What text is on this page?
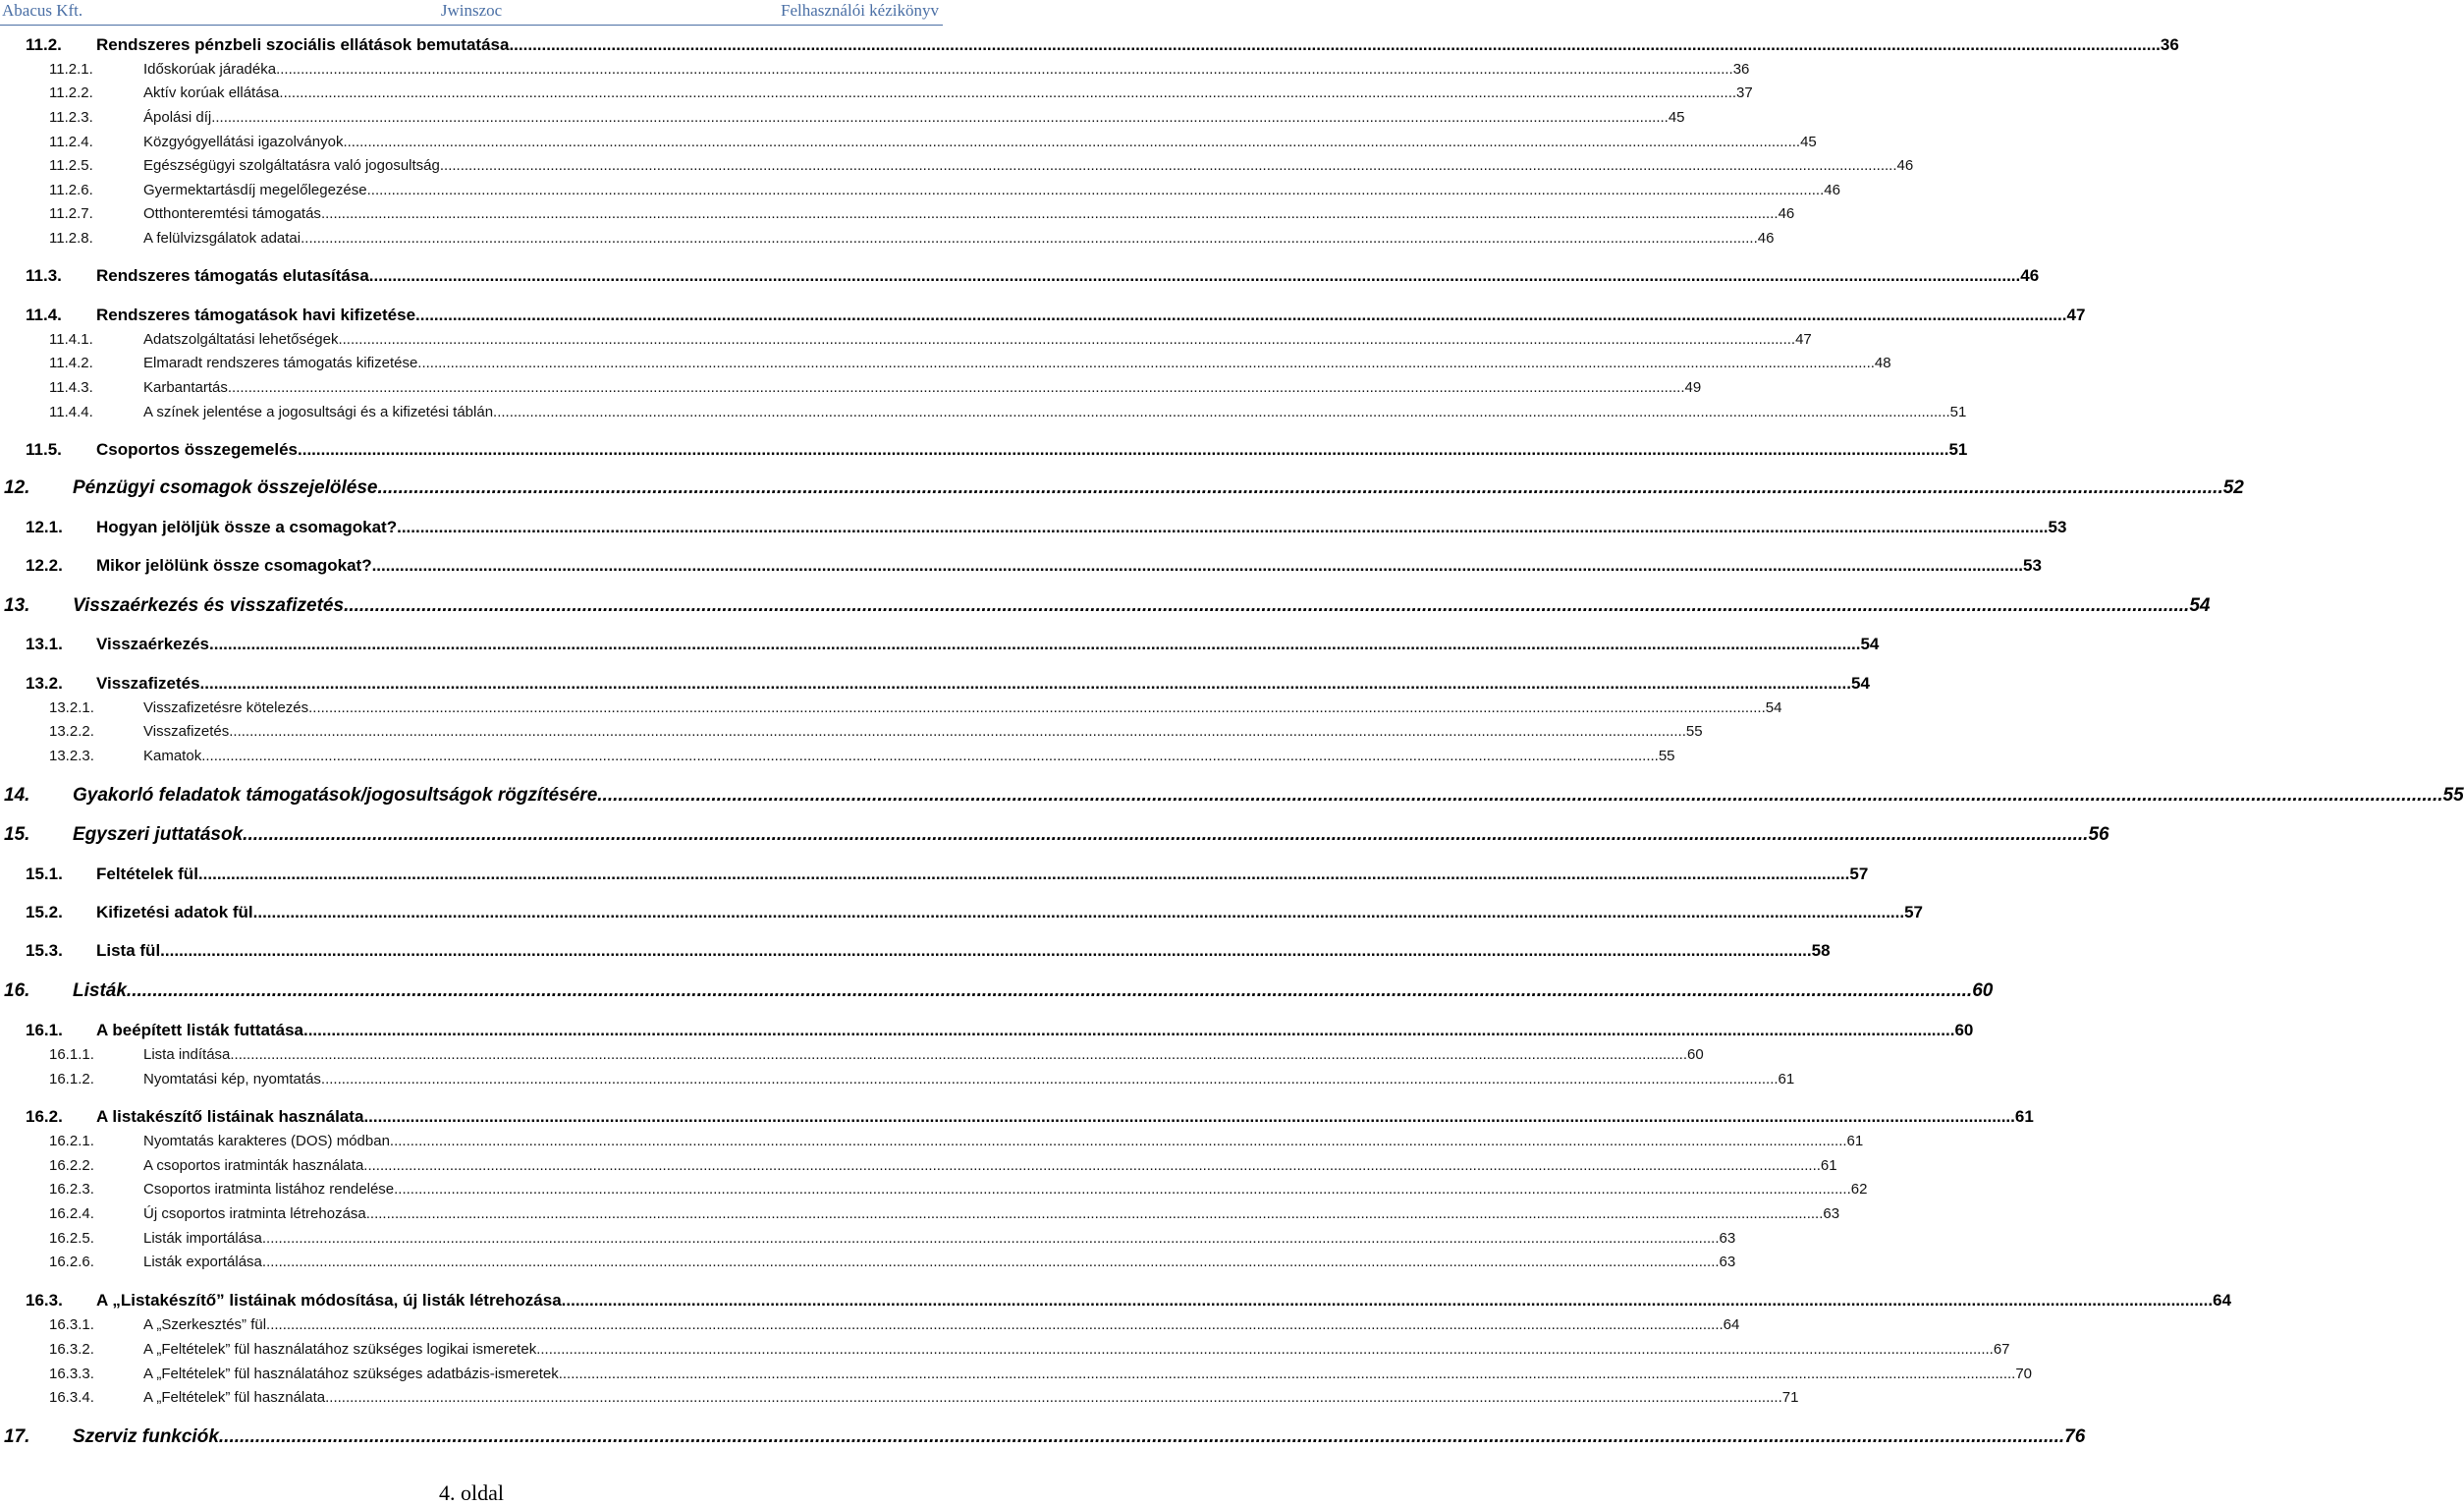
Abacus Kft.	Jwinszoc	Felhasználói kézikönyv
11.2. Rendszeres pénzbeli szociális ellátások bemutatása .....	36
11.2.1.	Időskorúak járadéka .....	36
11.2.2.	Aktív korúak ellátása .....	37
11.2.3.	Ápolási díj .....	45
11.2.4.	Közgyógyellátási igazolványok .....	45
11.2.5.	Egészségügyi szolgáltatásra való jogosultság .....	46
11.2.6.	Gyermektartásdíj megelőlegezése .....	46
11.2.7.	Otthonteremtési támogatás .....	46
11.2.8.	A felülvizsgálatok adatai .....	46
11.3. Rendszeres támogatás elutasítása .....	46
11.4. Rendszeres támogatások havi kifizetése .....	47
11.4.1.	Adatszolgáltatási lehetőségek .....	47
11.4.2.	Elmaradt rendszeres támogatás kifizetése .....	48
11.4.3.	Karbantartás .....	49
11.4.4.	A színek jelentése a jogosultsági és a kifizetési táblán .....	51
11.5. Csoportos összegemelés .....	51
12. Pénzügyi csomagok összejelölése .....	52
12.1. Hogyan jelöljük össze a csomagokat? .....	53
12.2. Mikor jelölünk össze csomagokat? .....	53
13. Visszaérkezés és visszafizetés .....	54
13.1. Visszaérkezés .....	54
13.2. Visszafizetés .....	54
13.2.1.	Visszafizetésre kötelezés .....	54
13.2.2.	Visszafizetés .....	55
13.2.3.	Kamatok .....	55
14. Gyakorló feladatok támogatások/jogosultságok rögzítésére .....	55
15. Egyszeri juttatások .....	56
15.1. Feltételek fül .....	57
15.2. Kifizetési adatok fül .....	57
15.3. Lista fül .....	58
16. Listák .....	60
16.1. A beépített listák futtatása .....	60
16.1.1.	Lista indítása .....	60
16.1.2.	Nyomtatási kép, nyomtatás .....	61
16.2. A listakészítő listáinak használata .....	61
16.2.1.	Nyomtatás karakteres (DOS) módban .....	61
16.2.2.	A csoportos iratminták használata .....	61
16.2.3.	Csoportos iratminta listához rendelése .....	62
16.2.4.	Új csoportos iratminta létrehozása .....	63
16.2.5.	Listák importálása .....	63
16.2.6.	Listák exportálása .....	63
16.3. A „Listakészítő” listáinak módosítása, új listák létrehozása .....	64
16.3.1.	A „Szerkesztés” fül .....	64
16.3.2.	A „Feltételek” fül használatához szükséges logikai ismeretek .....	67
16.3.3.	A „Feltételek” fül használatához szükséges adatbázis-ismeretek .....	70
16.3.4.	A „Feltételek” fül használata .....	71
17. Szerviz funkciók .....	76
4. oldal
